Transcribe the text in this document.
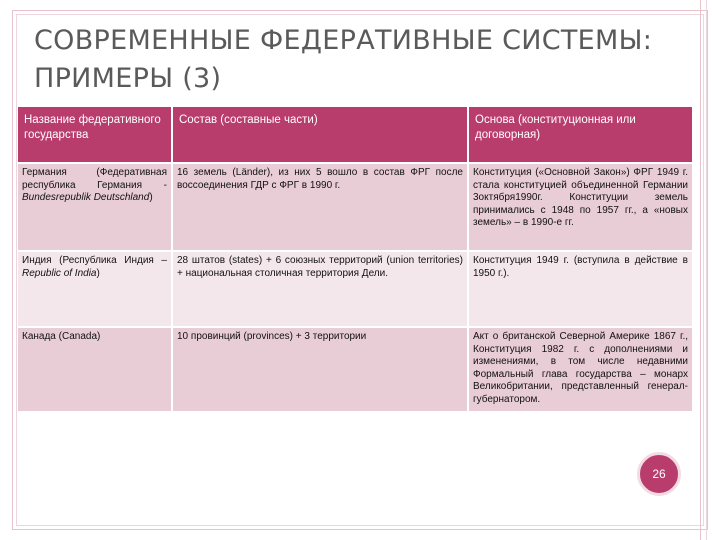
СОВРЕМЕННЫЕ ФЕДЕРАТИВНЫЕ СИСТЕМЫ: ПРИМЕРЫ (3)
Название федеративного государства	Состав (составные части)	Основа (конституционная или договорная)
Германия (Федеративная республика Германия - Bundesrepublik Deutschland)	16 земель (Länder), из них 5 вошло в состав ФРГ после воссоединения ГДР с ФРГ в 1990 г.	Конституция («Основной Закон») ФРГ 1949 г. стала конституцией объединенной Германии 3октября1990г. Конституции земель принимались с 1948 по 1957 гг., а «новых земель» – в 1990-е гг.
Индия (Республика Индия – Republic of India)	28 штатов (states) + 6 союзных территорий (union territories) + национальная столичная территория Дели.	Конституция 1949 г. (вступила в действие в 1950 г.).
Канада (Canada)	10 провинций (provinces) + 3 территории	Акт о британской Северной Америке 1867 г., Конституция 1982 г. с дополнениями и изменениями, в том числе недавними Формальный глава государства – монарх Великобритании, представленный генерал-губернатором.
26
